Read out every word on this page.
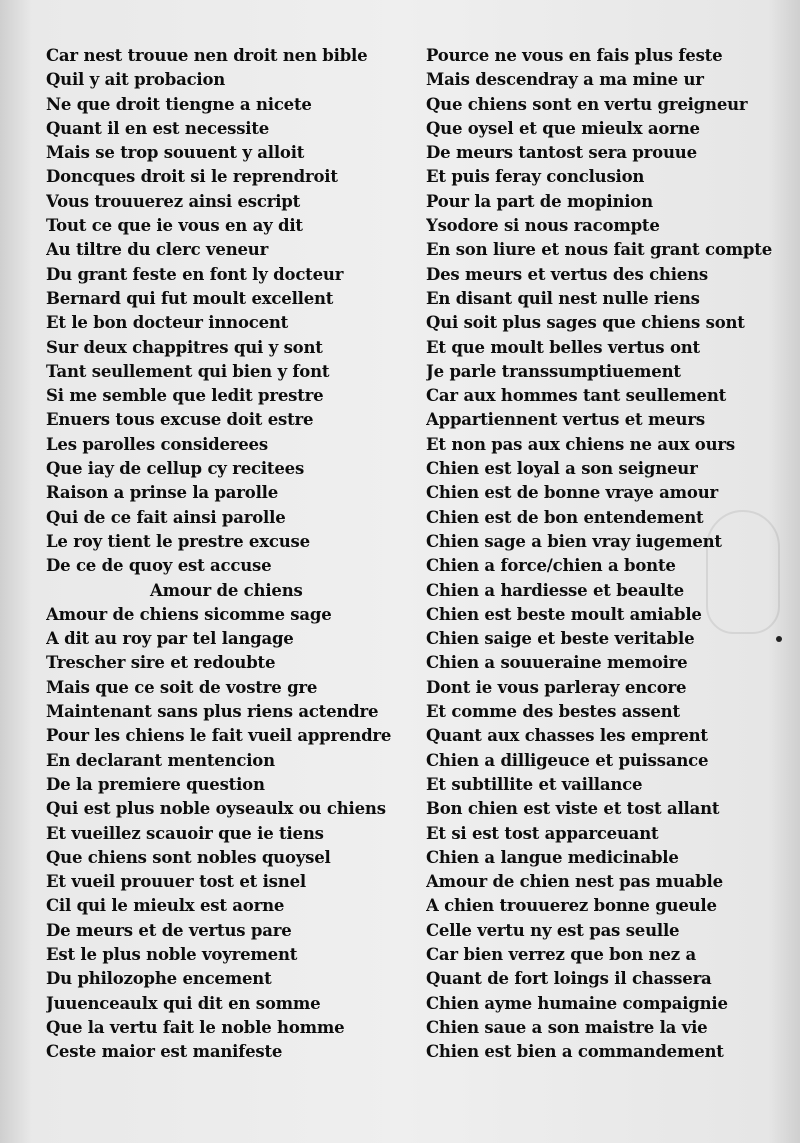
Car nest trouue nen droit nen bible
Quil y ait probacion
Ne que droit tiengne a nicete
Quant il en est necessite
Mais se trop souuent y alloit
Doncques droit si le reprendroit
Vous trouuerez ainsi escript
Tout ce que ie vous en ay dit
Au tiltre du clerc veneur
Du grant feste en font ly docteur
Bernard qui fut moult excellent
Et le bon docteur innocent
Sur deux chappitres qui y sont
Tant seullement qui bien y font
Si me semble que ledit prestre
Enuers tous excuse doit estre
Les parolles considerees
Que iay de cellup cy recitees
Raison a prinse la parolle
Qui de ce fait ainsi parolle
Le roy tient le prestre excuse
De ce de quoy est accuse
Amour de chiens
Amour de chiens sicomme sage
A dit au roy par tel langage
Trescher sire et redoubte
Mais que ce soit de vostre gre
Maintenant sans plus riens actendre
Pour les chiens le fait vueil apprendre
En declarant mentencion
De la premiere question
Qui est plus noble oyseaulx ou chiens
Et vueillez scauoir que ie tiens
Que chiens sont nobles quoysel
Et vueil prouuer tost et isnel
Cil qui le mieulx est aorne
De meurs et de vertus pare
Est le plus noble voyrement
Du philozophe encement
Juuenceaulx qui dit en somme
Que la vertu fait le noble homme
Ceste maior est manifeste
Pource ne vous en fais plus feste
Mais descendray a ma mine ur
Que chiens sont en vertu greigneur
Que oysel et que mieulx aorne
De meurs tantost sera prouue
Et puis feray conclusion
Pour la part de mopinion
Ysodore si nous racompte
En son liure et nous fait grant compte
Des meurs et vertus des chiens
En disant quil nest nulle riens
Qui soit plus sages que chiens sont
Et que moult belles vertus ont
Je parle transsumptiuement
Car aux hommes tant seullement
Appartiennent vertus et meurs
Et non pas aux chiens ne aux ours
Chien est loyal a son seigneur
Chien est de bonne vraye amour
Chien est de bon entendement
Chien sage a bien vray iugement
Chien a force/chien a bonte
Chien a hardiesse et beaulte
Chien est beste moult amiable
Chien saige et beste veritable
Chien a souueraine memoire
Dont ie vous parleray encore
Et comme des bestes assent
Quant aux chasses les emprent
Chien a dilligeuce et puissance
Et subtillite et vaillance
Bon chien est viste et tost allant
Et si est tost apparceuant
Chien a langue medicinable
Amour de chien nest pas muable
A chien trouuerez bonne gueule
Celle vertu ny est pas seulle
Car bien verrez que bon nez a
Quant de fort loings il chassera
Chien ayme humaine compaignie
Chien saue a son maistre la vie
Chien est bien a commandement
